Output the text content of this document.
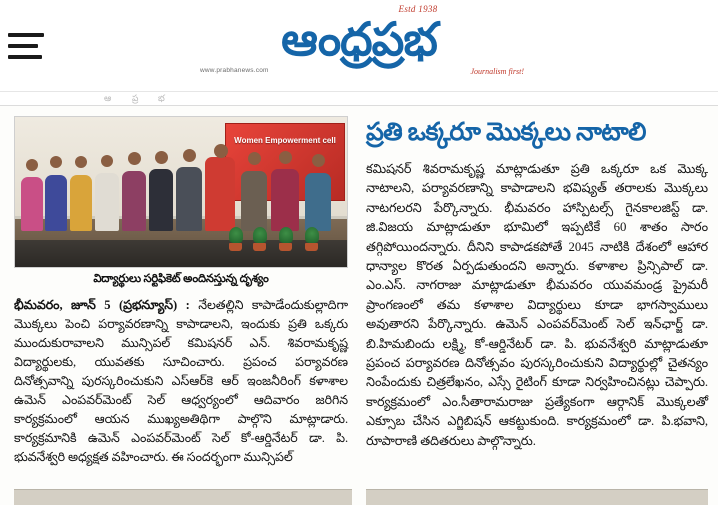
Estd 1938
ఆంధ్రప్రభ
www.prabhanews.com	Journalism first!
ఆ ప్ర భ
Women Empowerment cell
విద్యార్థులు సర్టిఫికెట్ అందినస్తున్న దృశ్యం
భీమవరం, జూన్ 5 (ప్రభన్యూస్) : నేలతల్లిని కాపాడేందుకుల్లాదిగా మొక్కలు పెంచి పర్యావరణాన్ని కాపాడాలని, ఇందుకు ప్రతి ఒక్కరు ముందుకురావాలని మున్సిపల్ కమిషనర్ ఎన్. శివరామకృష్ణ విద్యార్థులకు, యువతకు సూచించారు. ప్రపంచ పర్యావరణ దినోత్సవాన్ని పురస్కరించుకుని ఎస్‌ఆర్‌కె ఆర్ ఇంజనీరింగ్ కళాశాల ఉమెన్ ఎంపవర్‌మెంట్ సెల్ ఆధ్వర్యంలో ఆదివారం జరిగిన కార్యక్రమంలో ఆయన ముఖ్యఅతిథిగా పాల్గొని మాట్లాడారు. కార్యక్రమానికి ఉమెన్ ఎంపవర్‌మెంట్ సెల్ కో-ఆర్డినేటర్ డా. పి. భువనేశ్వరి అధ్యక్షత వహించారు. ఈ సందర్భంగా మున్సిపల్
ప్రతి ఒక్కరూ మొక్కలు నాటాలి
కమిషనర్ శివరామకృష్ణ మాట్లాడుతూ ప్రతి ఒక్కరూ ఒక మొక్క నాటాలని, పర్యావరణాన్ని కాపాడాలని భవిష్యత్ తరాలకు మొక్కలు నాటగలరని పేర్కొన్నారు. భీమవరం హాస్పిటల్స్ గైనకాలజిస్ట్ డా. జి.విజయ మాట్లాడుతూ భూమిలో ఇప్పటికే 60 శాతం సారం తగ్గిపోయిందన్నారు. దీనిని కాపాడకపోతే 2045 నాటికి దేశంలో ఆహార ధాన్యాల కొరత ఏర్పడుతుందని అన్నారు. కళాశాల ప్రిన్సిపాల్ డా. ఎం.ఎస్. నాగరాజు మాట్లాడుతూ భీమవరం యువమండ్ర ప్రైమరీ ప్రాంగణంలో తమ కళాశాల విద్యార్థులు కూడా భాగస్వాములు అవుతారని పేర్కొన్నారు. ఉమెన్ ఎంపవర్‌మెంట్ సెల్ ఇన్‌ఛార్జ్ డా. బి.హిమబిందు లక్ష్మి, కో-ఆర్డినేటర్ డా. పి. భువనేశ్వరి మాట్లాడుతూ ప్రపంచ పర్యావరణ దినోత్సవం పురస్కరించుకుని విద్యార్థుల్లో చైతన్యం నింపేందుకు చిత్రలేఖనం, ఎస్సే రైటింగ్ కూడా నిర్వహించినట్లు చెప్పారు. కార్యక్రమంలో ఎం.సీతారామరాజు ప్రత్యేకంగా ఆర్గానిక్ మొక్కలతో ఎక్సూబ చేసిన ఎగ్జిబిషన్ ఆకట్టుకుంది. కార్యక్రమంలో డా. పి.భవాని, రూపారాణి తదితరులు పాల్గొన్నారు.
